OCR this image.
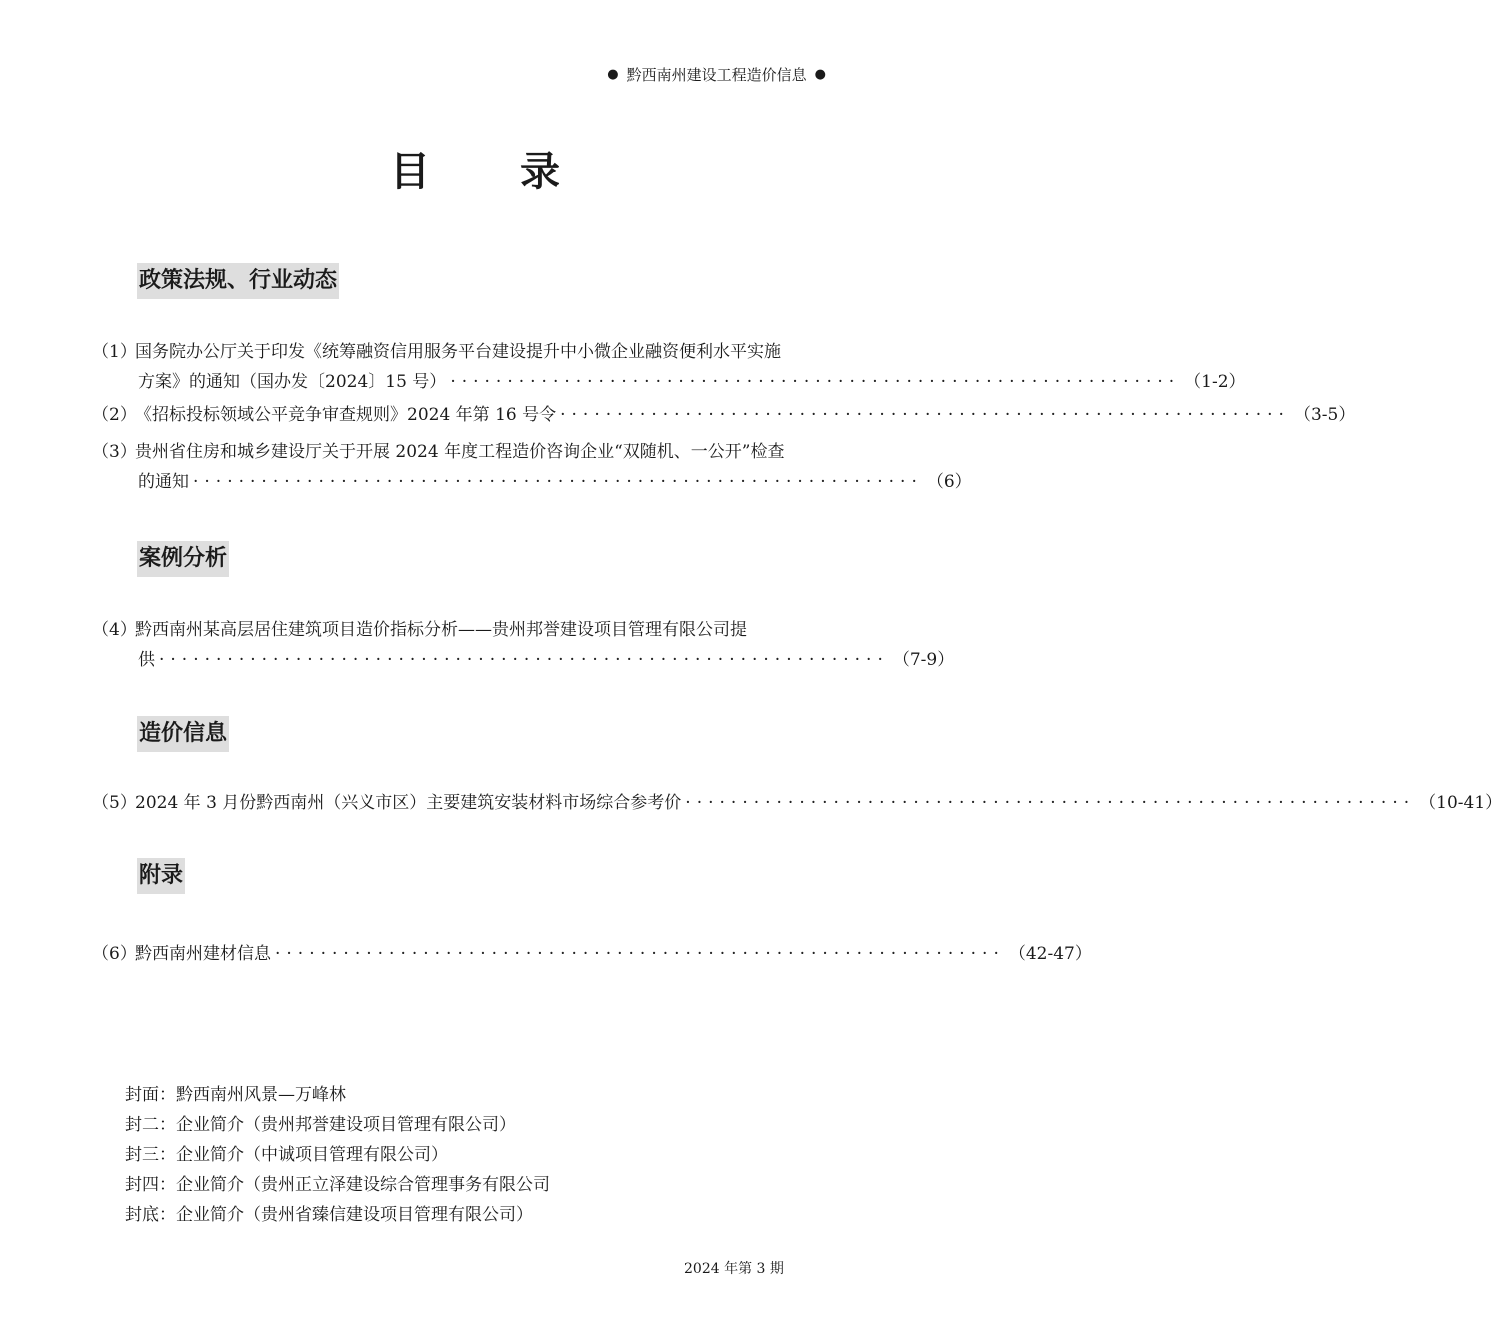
● 黔西南州建设工程造价信息 ●
目 录
政策法规、行业动态
（1）
国务院办公厅关于印发《统筹融资信用服务平台建设提升中小微企业融资便利水平实施
方案》的通知（国办发〔2024〕15 号） ································································ （1-2）
（2）
《招标投标领域公平竞争审查规则》2024 年第 16 号令 ································································ （3-5）
（3）
贵州省住房和城乡建设厅关于开展 2024 年度工程造价咨询企业“双随机、一公开”检查
的通知 ································································ （6）
案例分析
（4）
黔西南州某高层居住建筑项目造价指标分析——贵州邦誉建设项目管理有限公司提
供 ································································ （7-9）
造价信息
（5）
2024 年 3 月份黔西南州（兴义市区）主要建筑安装材料市场综合参考价 ································································ （10-41）
附录
（6）
黔西南州建材信息 ································································ （42-47）
封面：黔西南州风景—万峰林
封二：企业简介（贵州邦誉建设项目管理有限公司）
封三：企业简介（中诚项目管理有限公司）
封四：企业简介（贵州正立泽建设综合管理事务有限公司
封底：企业简介（贵州省臻信建设项目管理有限公司）
2024 年第 3 期
